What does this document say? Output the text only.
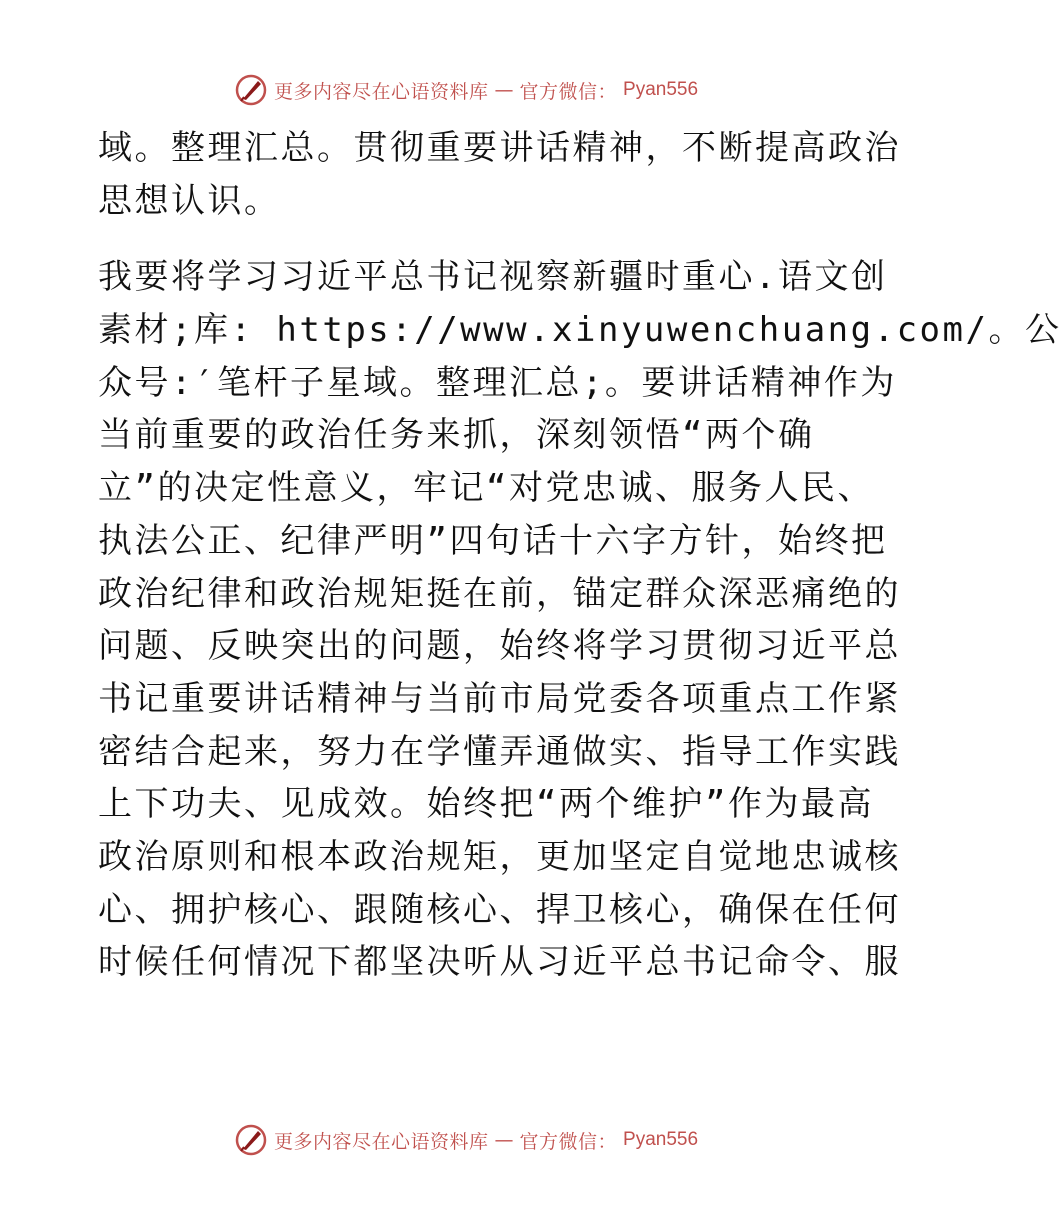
更多内容尽在心语资料库 — 官方微信： Pyan556
域。整理汇总。贯彻重要讲话精神，不断提高政治
思想认识。
我要将学习习近平总书记视察新疆时重心.语文创
素材;库: https://www.xinyuwenchuang.com/。公
众号:′笔杆子星域。整理汇总;。要讲话精神作为
当前重要的政治任务来抓，深刻领悟“两个确
立”的决定性意义，牢记“对党忠诚、服务人民、
执法公正、纪律严明”四句话十六字方针，始终把
政治纪律和政治规矩挺在前，锚定群众深恶痛绝的
问题、反映突出的问题，始终将学习贯彻习近平总
书记重要讲话精神与当前市局党委各项重点工作紧
密结合起来，努力在学懂弄通做实、指导工作实践
上下功夫、见成效。始终把“两个维护”作为最高
政治原则和根本政治规矩，更加坚定自觉地忠诚核
心、拥护核心、跟随核心、捍卫核心，确保在任何
时候任何情况下都坚决听从习近平总书记命令、服
更多内容尽在心语资料库 — 官方微信： Pyan556
